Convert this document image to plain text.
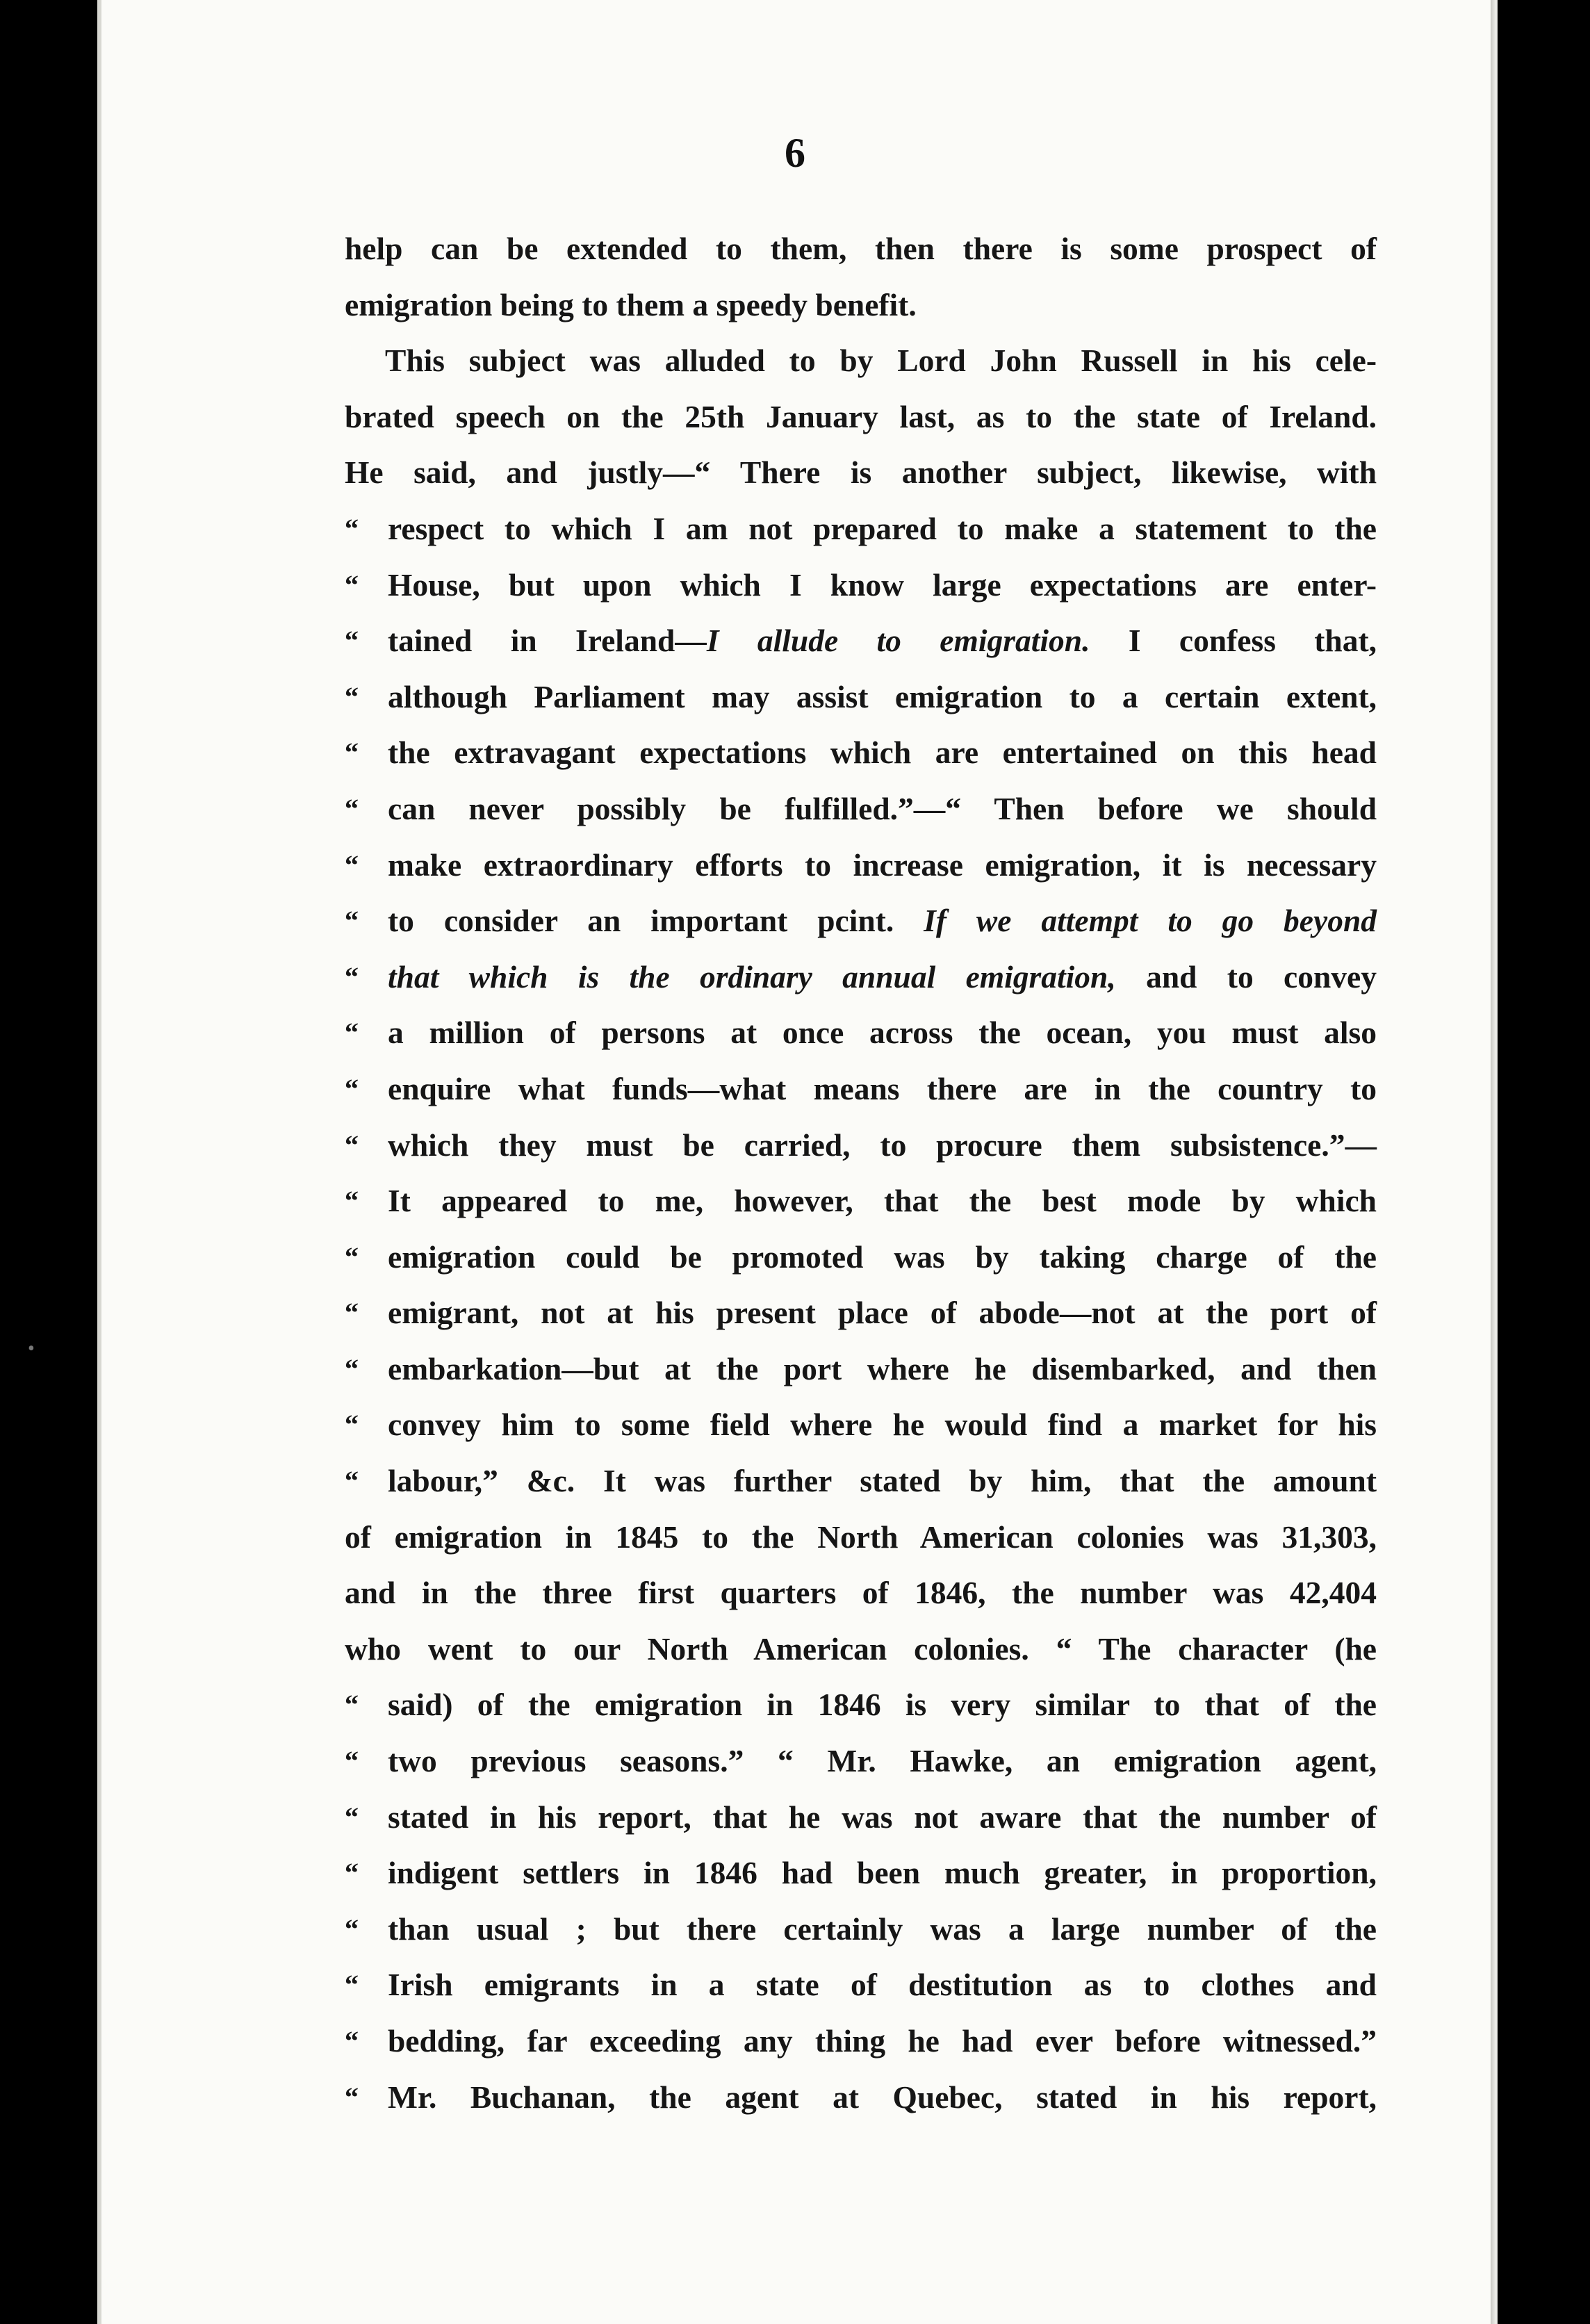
•
6
help can be extended to them, then there is some prospect of
emigration being to them a speedy benefit.
This subject was alluded to by Lord John Russell in his cele-
brated speech on the 25th January last, as to the state of Ireland.
He said, and justly—“ There is another subject, likewise, with
“ respect to which I am not prepared to make a statement to the
“ House, but upon which I know large expectations are enter-
“ tained in Ireland—I allude to emigration. I confess that,
“ although Parliament may assist emigration to a certain extent,
“ the extravagant expectations which are entertained on this head
“ can never possibly be fulfilled.”—“ Then before we should
“ make extraordinary efforts to increase emigration, it is necessary
“ to consider an important pcint. If we attempt to go beyond
“ that which is the ordinary annual emigration, and to convey
“ a million of persons at once across the ocean, you must also
“ enquire what funds—what means there are in the country to
“ which they must be carried, to procure them subsistence.”—
“ It appeared to me, however, that the best mode by which
“ emigration could be promoted was by taking charge of the
“ emigrant, not at his present place of abode—not at the port of
“ embarkation—but at the port where he disembarked, and then
“ convey him to some field where he would find a market for his
“ labour,” &c. It was further stated by him, that the amount
of emigration in 1845 to the North American colonies was 31,303,
and in the three first quarters of 1846, the number was 42,404
who went to our North American colonies. “ The character (he
“ said) of the emigration in 1846 is very similar to that of the
“ two previous seasons.” “ Mr. Hawke, an emigration agent,
“ stated in his report, that he was not aware that the number of
“ indigent settlers in 1846 had been much greater, in proportion,
“ than usual ; but there certainly was a large number of the
“ Irish emigrants in a state of destitution as to clothes and
“ bedding, far exceeding any thing he had ever before witnessed.”
“ Mr. Buchanan, the agent at Quebec, stated in his report,
